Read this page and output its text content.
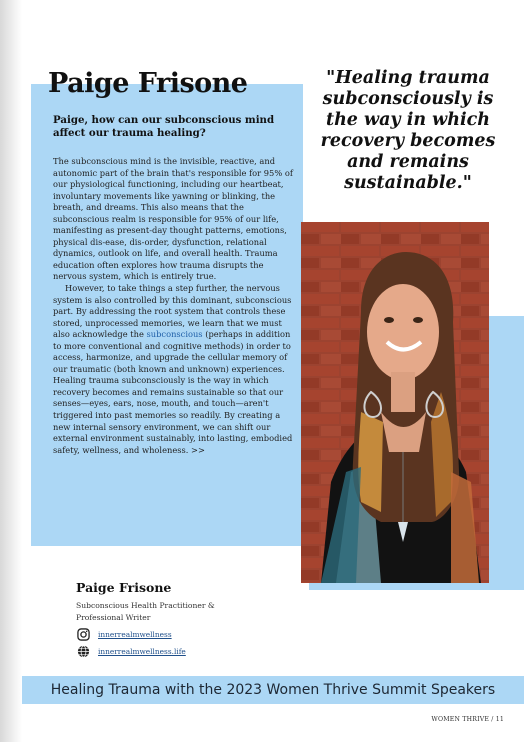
Paige Frisone
Paige, how can our subconscious mind affect our trauma healing?

The subconscious mind is the invisible, reactive, and autonomic part of the brain that's responsible for 95% of our physiological functioning, including our heartbeat, involuntary movements like yawning or blinking, the breath, and dreams. This also means that the subconscious realm is responsible for 95% of our life, manifesting as present-day thought patterns, emotions, physical dis-ease, dis-order, dysfunction, relational dynamics, outlook on life, and overall health. Trauma education often explores how trauma disrupts the nervous system, which is entirely true.

However, to take things a step further, the nervous system is also controlled by this dominant, subconscious part. By addressing the root system that controls these stored, unprocessed memories, we learn that we must also acknowledge the subconscious (perhaps in addition to more conventional and cognitive methods) in order to access, harmonize, and upgrade the cellular memory of our traumatic (both known and unknown) experiences. Healing trauma subconsciously is the way in which recovery becomes and remains sustainable so that our senses—eyes, ears, nose, mouth, and touch—aren't triggered into past memories so readily. By creating a new internal sensory environment, we can shift our external environment sustainably, into lasting, embodied safety, wellness, and wholeness. >>

"Healing trauma subconsciously is the way in which recovery becomes and remains sustainable."

Paige Frisone

Subconscious Health Practitioner & Professional Writer
innerrealmwellness
innerrealmwellness.life
Healing Trauma with the 2023 Women Thrive Summit Speakers
WOMEN THRIVE / 11
